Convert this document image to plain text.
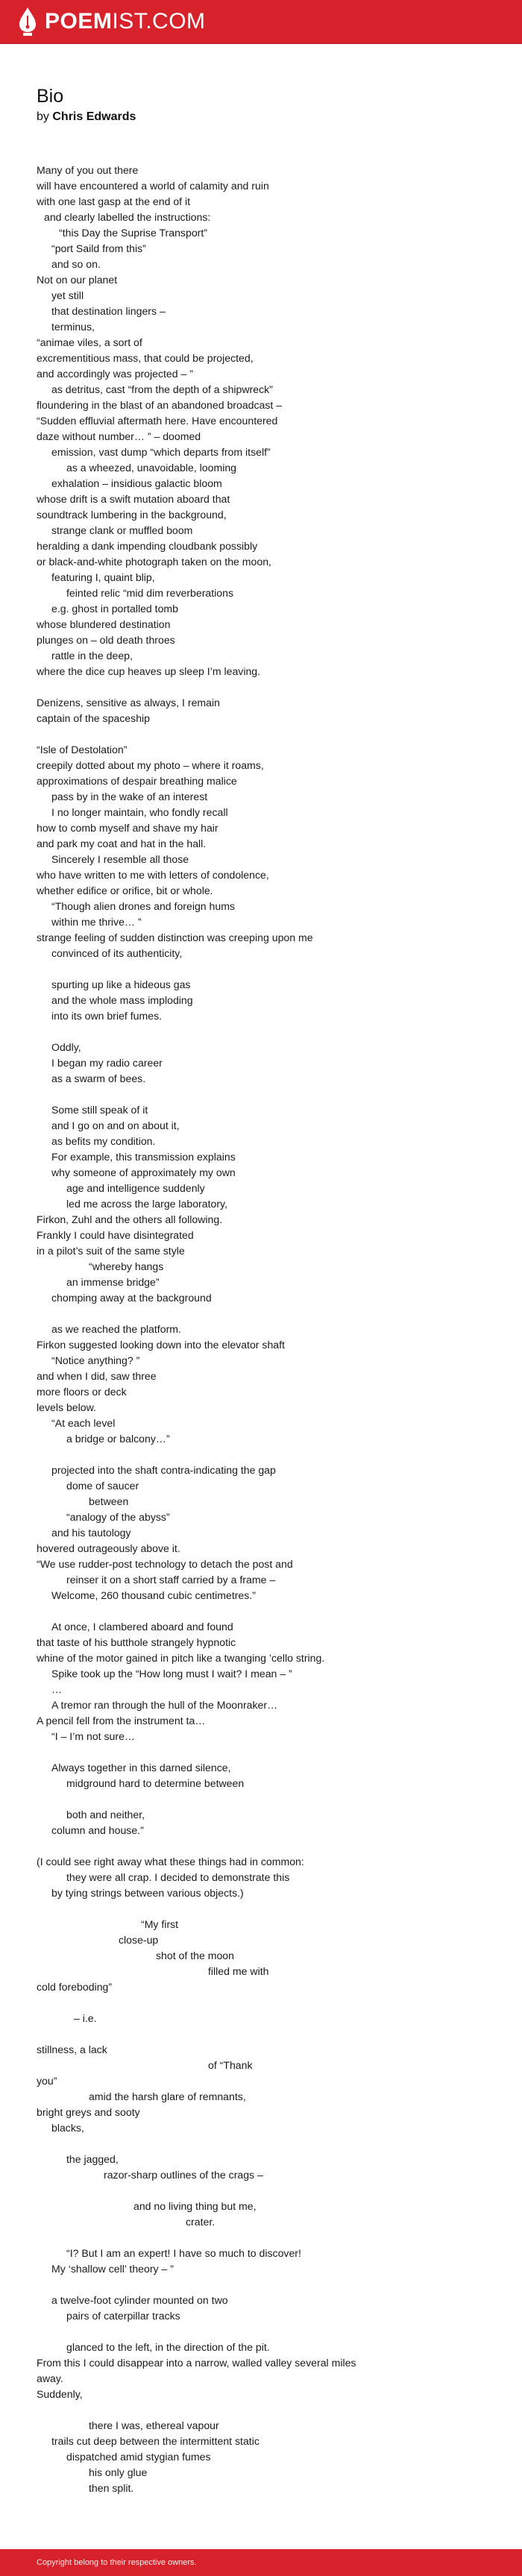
POEMIST.COM
Bio
by Chris Edwards
Many of you out there
will have encountered a world of calamity and ruin
with one last gasp at the end of it
and clearly labelled the instructions:
“this Day the Suprise Transport”
“port Saild from this”
and so on.
Not on our planet
yet still
that destination lingers –
terminus,
“animae viles, a sort of
excrementitious mass, that could be projected,
and accordingly was projected – ”
as detritus, cast “from the depth of a shipwreck”
floundering in the blast of an abandoned broadcast –
“Sudden effluvial aftermath here. Have encountered
daze without number… ” – doomed
emission, vast dump “which departs from itself”
as a wheezed, unavoidable, looming
exhalation – insidious galactic bloom
whose drift is a swift mutation aboard that
soundtrack lumbering in the background,
strange clank or muffled boom
heralding a dank impending cloudbank possibly
or black-and-white photograph taken on the moon,
featuring I, quaint blip,
feinted relic “mid dim reverberations
e.g. ghost in portalled tomb
whose blundered destination
plunges on – old death throes
rattle in the deep,
where the dice cup heaves up sleep I’m leaving.
Denizens, sensitive as always, I remain
captain of the spaceship
“Isle of Destolation”
creepily dotted about my photo – where it roams,
approximations of despair breathing malice
pass by in the wake of an interest
I no longer maintain, who fondly recall
how to comb myself and shave my hair
and park my coat and hat in the hall.
Sincerely I resemble all those
who have written to me with letters of condolence,
whether edifice or orifice, bit or whole.
“Though alien drones and foreign hums
within me thrive… ”
strange feeling of sudden distinction was creeping upon me
convinced of its authenticity,
spurting up like a hideous gas
and the whole mass imploding
into its own brief fumes.
Oddly,
I began my radio career
as a swarm of bees.
Some still speak of it
and I go on and on about it,
as befits my condition.
For example, this transmission explains
why someone of approximately my own
age and intelligence suddenly
led me across the large laboratory,
Firkon, Zuhl and the others all following.
Frankly I could have disintegrated
in a pilot’s suit of the same style
“whereby hangs
an immense bridge”
chomping away at the background
as we reached the platform.
Firkon suggested looking down into the elevator shaft
“Notice anything? ”
and when I did, saw three
more floors or deck
levels below.
“At each level
a bridge or balcony…”
projected into the shaft contra-indicating the gap
dome of saucer
between
“analogy of the abyss”
and his tautology
hovered outrageously above it.
“We use rudder-post technology to detach the post and
reinser it on a short staff carried by a frame –
Welcome, 260 thousand cubic centimetres.”
At once, I clambered aboard and found
that taste of his butthole strangely hypnotic
whine of the motor gained in pitch like a twanging ’cello string.
Spike took up the “How long must I wait? I mean – ”
…
A tremor ran through the hull of the Moonraker…
A pencil fell from the instrument ta…
“I – I’m not sure…
Always together in this darned silence,
midground hard to determine between
both and neither,
column and house.”
(I could see right away what these things had in common:
they were all crap. I decided to demonstrate this
by tying strings between various objects.)
“My first
close-up
shot of the moon
filled me with
cold foreboding”
– i.e.
stillness, a lack
of “Thank
you”
amid the harsh glare of remnants,
bright greys and sooty
blacks,
the jagged,
razor-sharp outlines of the crags –
and no living thing but me,
crater.
“I? But I am an expert! I have so much to discover!
My ‘shallow cell’ theory – ”
a twelve-foot cylinder mounted on two
pairs of caterpillar tracks
glanced to the left, in the direction of the pit.
From this I could disappear into a narrow, walled valley several miles
away.
Suddenly,
there I was, ethereal vapour
trails cut deep between the intermittent static
dispatched amid stygian fumes
his only glue
then split.
Copyright belong to their respective owners.
